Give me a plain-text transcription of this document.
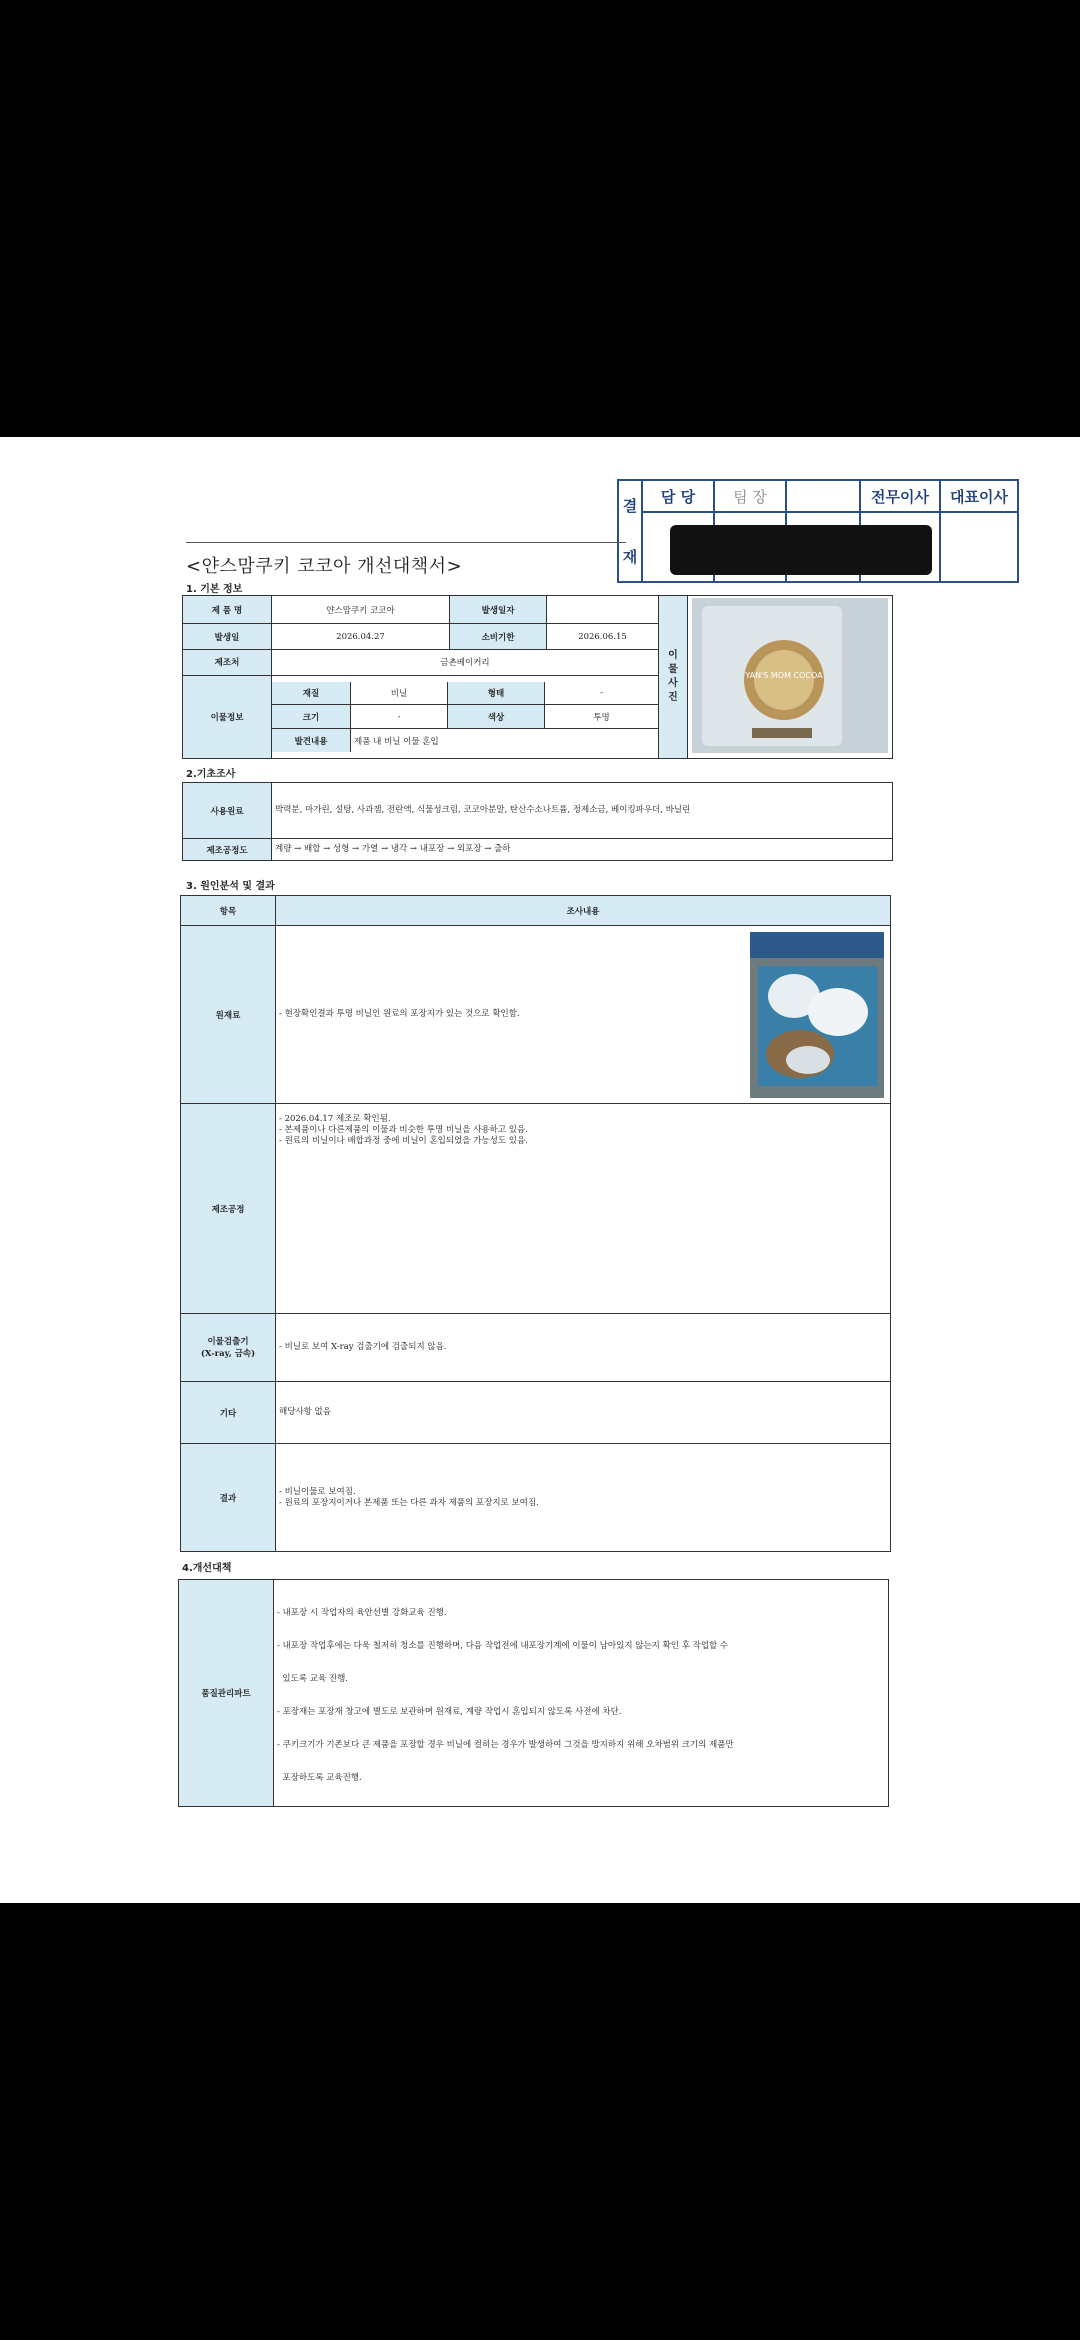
결
재	담 당	팀 장		전무이사	대표이사

<얀스맘쿠키 코코아 개선대책서>
1. 기본 정보
제 품 명	얀스맘쿠키 코코아	발생일자		이
물
사
진	
YAN'S MOM COCOA

발생일	2026.04.27	소비기한	2026.06.15
제조처	금촌베이커리
이물정보	
재질	비닐	형태	-
크기	-	색상	투명
발견내용	제품 내 비닐 이물 혼입
2.기초조사
사용원료	박력분, 마가린, 설탕, 사과잼, 전란액, 식물성크림, 코코아분말, 탄산수소나트륨, 정제소금, 베이킹파우더, 바닐린
제조공정도	계량 → 배합 → 성형 → 가열 → 냉각 → 내포장 → 외포장 → 출하
3. 원인분석 및 결과
항목	조사내용
원재료	- 현장확인결과 투명 비닐인 원료의 포장지가 있는 것으로 확인함.

제조공정	- 2026.04.17 제조로 확인됨.
- 본제품이나 다른제품의 이물과 비슷한 투명 비닐을 사용하고 있음.
- 원료의 비닐이나 배합과정 중에 비닐이 혼입되었을 가능성도 있음.

이물검출기
(X-ray, 금속)	- 비닐로 보여 X-ray 검출기에 검출되지 않음.
기타	해당사항 없음
결과	- 비닐이물로 보여짐.
- 원료의 포장지이거나 본제품 또는 다른 과자 제품의 포장지로 보여짐.
4.개선대책
품질관리파트	

- 내포장 시 작업자의 육안선별 강화교육 진행.

- 내포장 작업후에는 다욱 철저히 청소를 진행하며, 다음 작업전에 내포장기계에 이물이 남아있지 않는지 확인 후 작업할 수

있도록 교육 진행.

- 포장재는 포장재 창고에 별도로 보관하며 원재료, 계량 작업시 혼입되지 않도록 사전에 차단.

- 쿠키크기가 기존보다 큰 제품을 포장할 경우 비닐에 컬히는 경우가 발생하여 그것을 방지하지 위해 오차범위 크기의 제품만

포장하도록 교육진행.
